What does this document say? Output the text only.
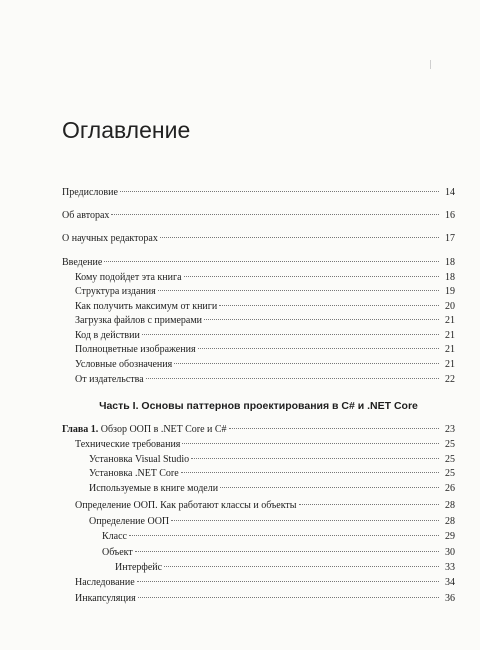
Оглавление
Предисловие	14
Об авторах	16
О научных редакторах	17
Введение	18
Кому подойдет эта книга	18
Структура издания	19
Как получить максимум от книги	20
Загрузка файлов с примерами	21
Код в действии	21
Полноцветные изображения	21
Условные обозначения	21
От издательства	22
Часть I. Основы паттернов проектирования в C# и .NET Core
Глава 1. Обзор ООП в .NET Core и C#	23
Технические требования	25
Установка Visual Studio	25
Установка .NET Core	25
Используемые в книге модели	26
Определение ООП. Как работают классы и объекты	28
Определение ООП	28
Класс	29
Объект	30
Интерфейс	33
Наследование	34
Инкапсуляция	36
